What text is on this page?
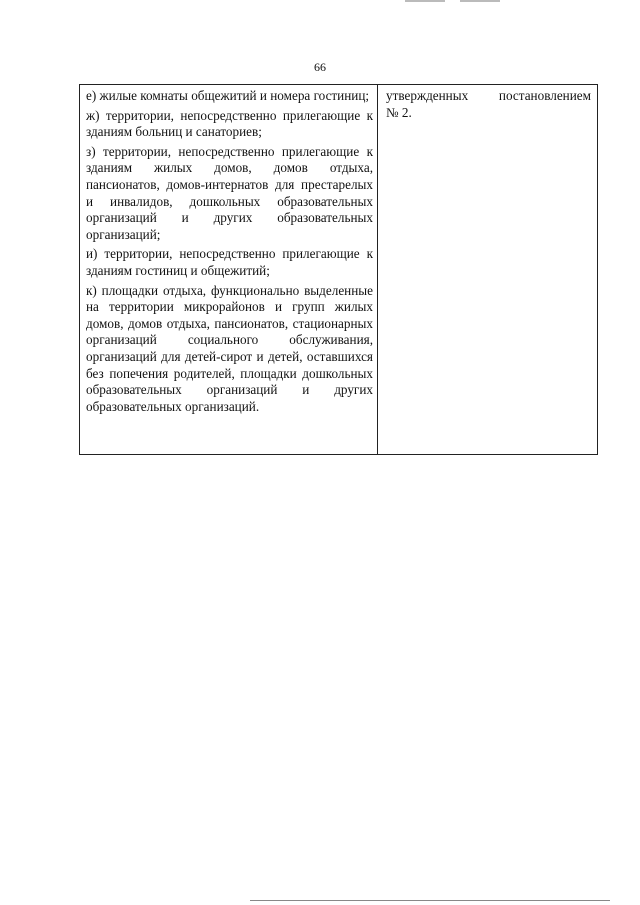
66

е) жилые комнаты общежитий и номера гостиниц;

ж) территории, непосредственно прилегающие к зданиям больниц и санаториев;

з) территории, непосредственно прилегающие к зданиям жилых домов, домов отдыха, пансионатов, домов-интернатов для престарелых и инвалидов, дошкольных образовательных организаций и других образовательных организаций;

и) территории, непосредственно прилегающие к зданиям гостиниц и общежитий;

к) площадки отдыха, функционально выделенные на территории микрорайонов и групп жилых домов, домов отдыха, пансионатов, стационарных организаций социального обслуживания, организаций для детей-сирот и детей, оставшихся без попечения родителей, площадки дошкольных образовательных организаций и других образовательных организаций.

утвержденных постановлением
№ 2.
